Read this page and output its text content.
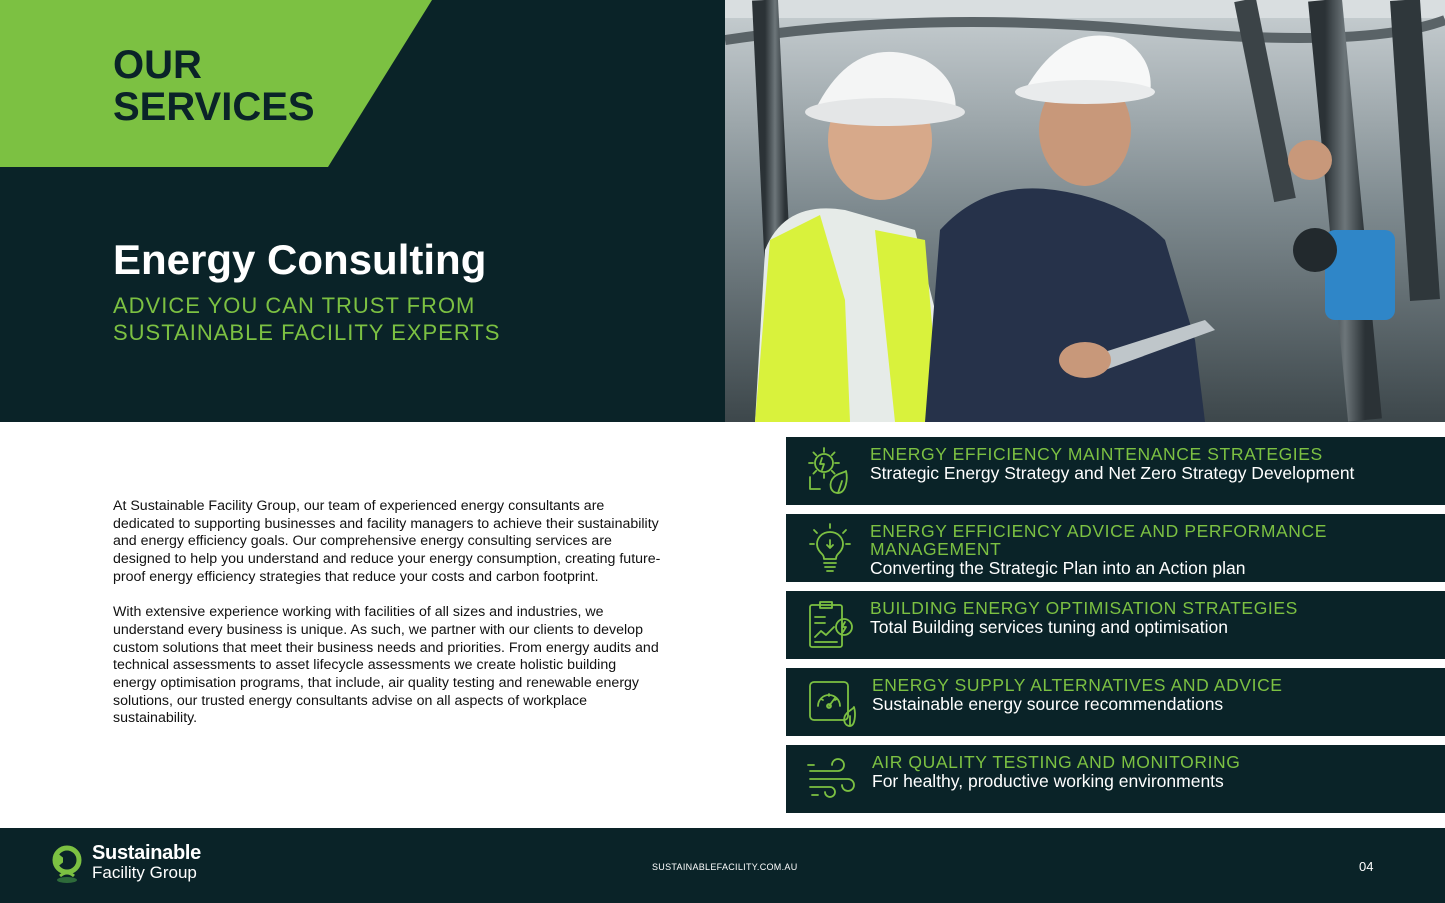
OUR SERVICES
Energy Consulting
ADVICE YOU CAN TRUST FROM SUSTAINABLE FACILITY EXPERTS

At Sustainable Facility Group, our team of experienced energy consultants are dedicated to supporting businesses and facility managers to achieve their sustainability and energy efficiency goals. Our comprehensive energy consulting services are designed to help you understand and reduce your energy consumption, creating future-proof energy efficiency strategies that reduce your costs and carbon footprint.

With extensive experience working with facilities of all sizes and industries, we understand every business is unique. As such, we partner with our clients to develop custom solutions that meet their business needs and priorities. From energy audits and technical assessments to asset lifecycle assessments we create holistic building energy optimisation programs, that include, air quality testing and renewable energy solutions, our trusted energy consultants advise on all aspects of workplace sustainability.

ENERGY EFFICIENCY MAINTENANCE STRATEGIES
Strategic Energy Strategy and Net Zero Strategy Development
ENERGY EFFICIENCY ADVICE AND PERFORMANCE MANAGEMENT
Converting the Strategic Plan into an Action plan
BUILDING ENERGY OPTIMISATION STRATEGIES
Total Building services tuning and optimisation
ENERGY SUPPLY ALTERNATIVES AND ADVICE
Sustainable energy source recommendations
AIR QUALITY TESTING AND MONITORING
For healthy, productive working environments
Sustainable
Facility Group	SUSTAINABLEFACILITY.COM.AU	04
